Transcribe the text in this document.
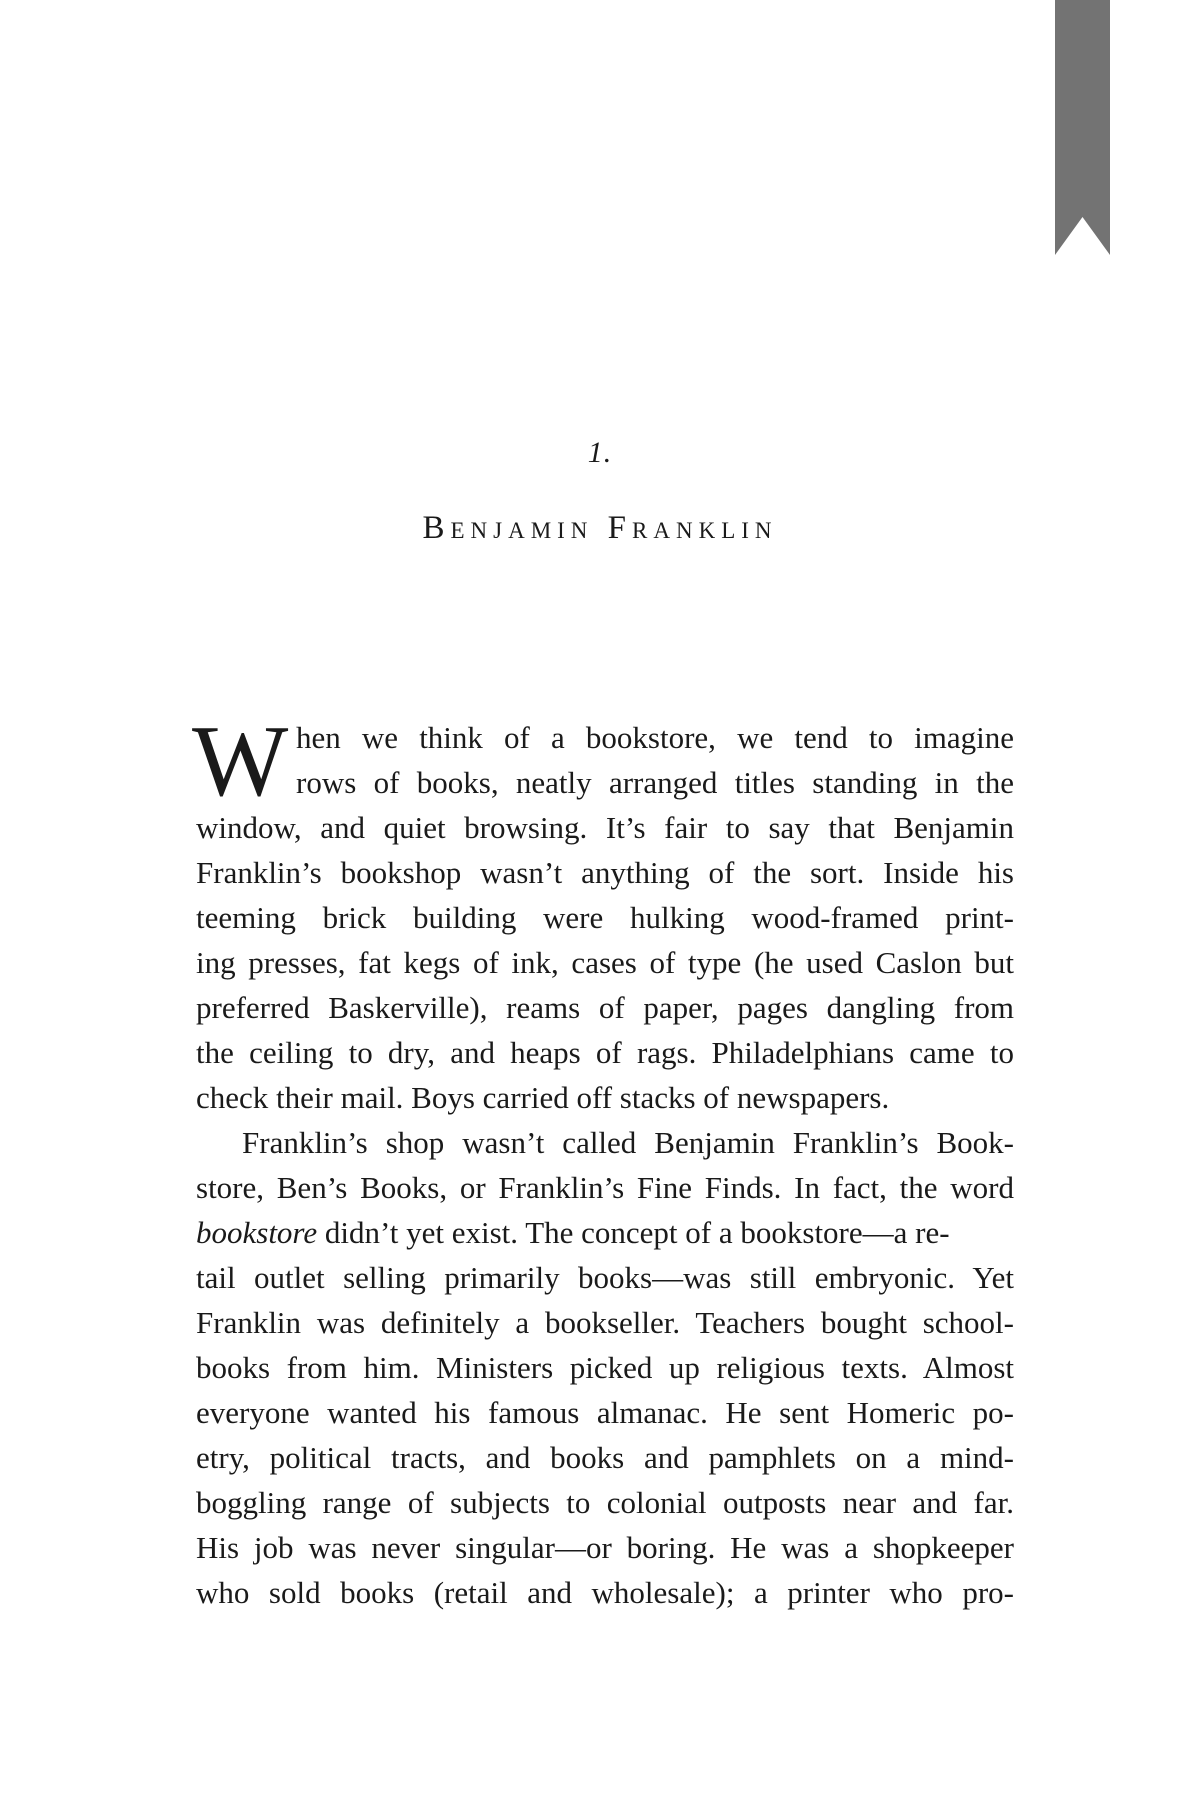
1.
Benjamin Franklin
W hen we think of a bookstore, we tend to imagine
rows of books, neatly arranged titles standing in the
window, and quiet browsing. It’s fair to say that Benjamin
Franklin’s bookshop wasn’t anything of the sort. Inside his
teeming brick building were hulking wood-framed print-
ing presses, fat kegs of ink, cases of type (he used Caslon but
preferred Baskerville), reams of paper, pages dangling from
the ceiling to dry, and heaps of rags. Philadelphians came to
check their mail. Boys carried off stacks of newspapers.
Franklin’s shop wasn’t called Benjamin Franklin’s Book-
store, Ben’s Books, or Franklin’s Fine Finds. In fact, the word
bookstore didn’t yet exist. The concept of a bookstore—a re-
tail outlet selling primarily books—was still embryonic. Yet
Franklin was definitely a bookseller. Teachers bought school-
books from him. Ministers picked up religious texts. Almost
everyone wanted his famous almanac. He sent Homeric po-
etry, political tracts, and books and pamphlets on a mind-
boggling range of subjects to colonial outposts near and far.
His job was never singular—or boring. He was a shopkeeper
who sold books (retail and wholesale); a printer who pro-
